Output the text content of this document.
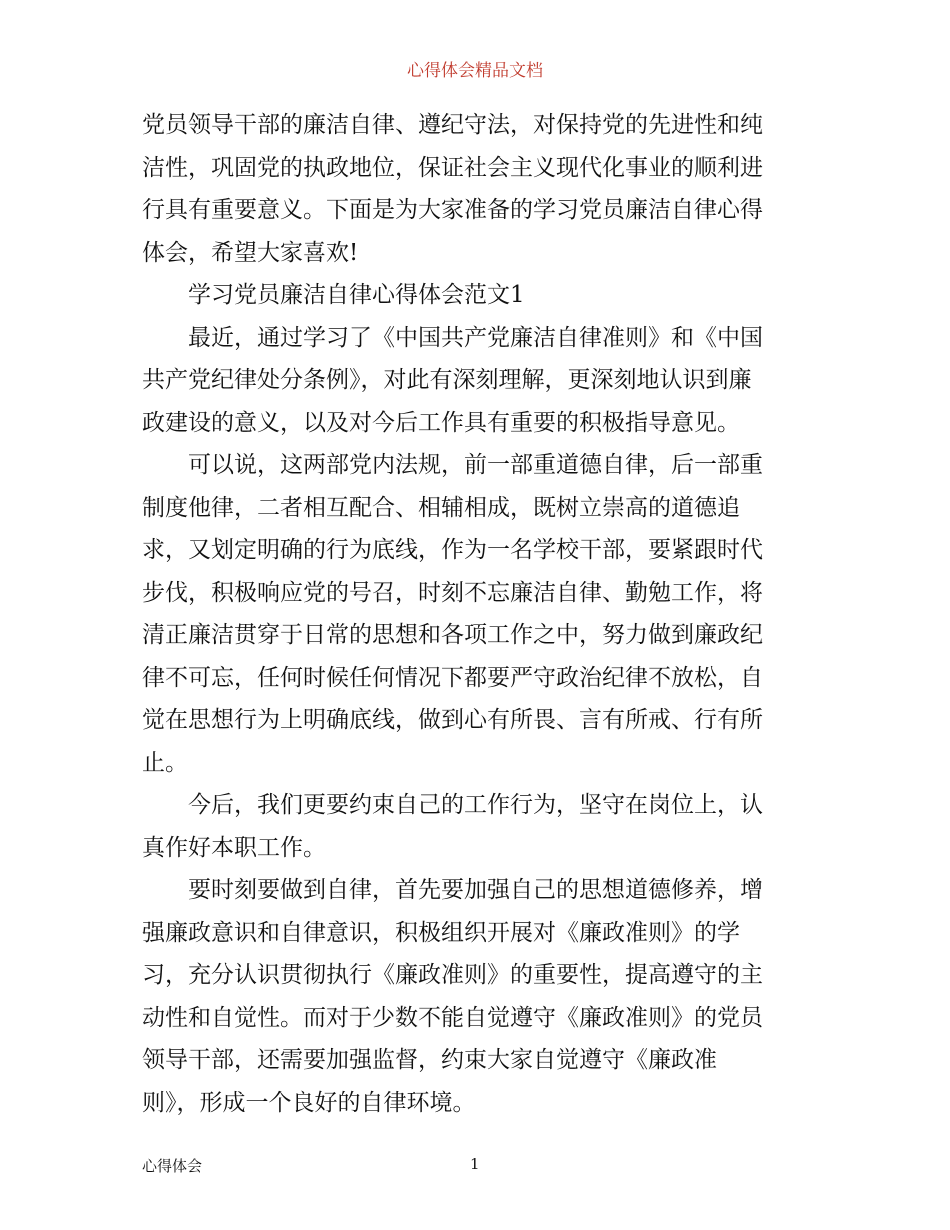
心得体会精品文档
党员领导干部的廉洁自律、遵纪守法，对保持党的先进性和纯
洁性，巩固党的执政地位，保证社会主义现代化事业的顺利进
行具有重要意义。下面是为大家准备的学习党员廉洁自律心得
体会，希望大家喜欢!
学习党员廉洁自律心得体会范文1
最近，通过学习了《中国共产党廉洁自律准则》和《中国
共产党纪律处分条例》，对此有深刻理解，更深刻地认识到廉
政建设的意义，以及对今后工作具有重要的积极指导意见。
可以说，这两部党内法规，前一部重道德自律，后一部重
制度他律，二者相互配合、相辅相成，既树立崇高的道德追
求，又划定明确的行为底线，作为一名学校干部，要紧跟时代
步伐，积极响应党的号召，时刻不忘廉洁自律、勤勉工作，将
清正廉洁贯穿于日常的思想和各项工作之中，努力做到廉政纪
律不可忘，任何时候任何情况下都要严守政治纪律不放松，自
觉在思想行为上明确底线，做到心有所畏、言有所戒、行有所
止。
今后，我们更要约束自己的工作行为，坚守在岗位上，认
真作好本职工作。
要时刻要做到自律，首先要加强自己的思想道德修养，增
强廉政意识和自律意识，积极组织开展对《廉政准则》的学
习，充分认识贯彻执行《廉政准则》的重要性，提高遵守的主
动性和自觉性。而对于少数不能自觉遵守《廉政准则》的党员
领导干部，还需要加强监督，约束大家自觉遵守《廉政准
则》，形成一个良好的自律环境。
心得体会	1
